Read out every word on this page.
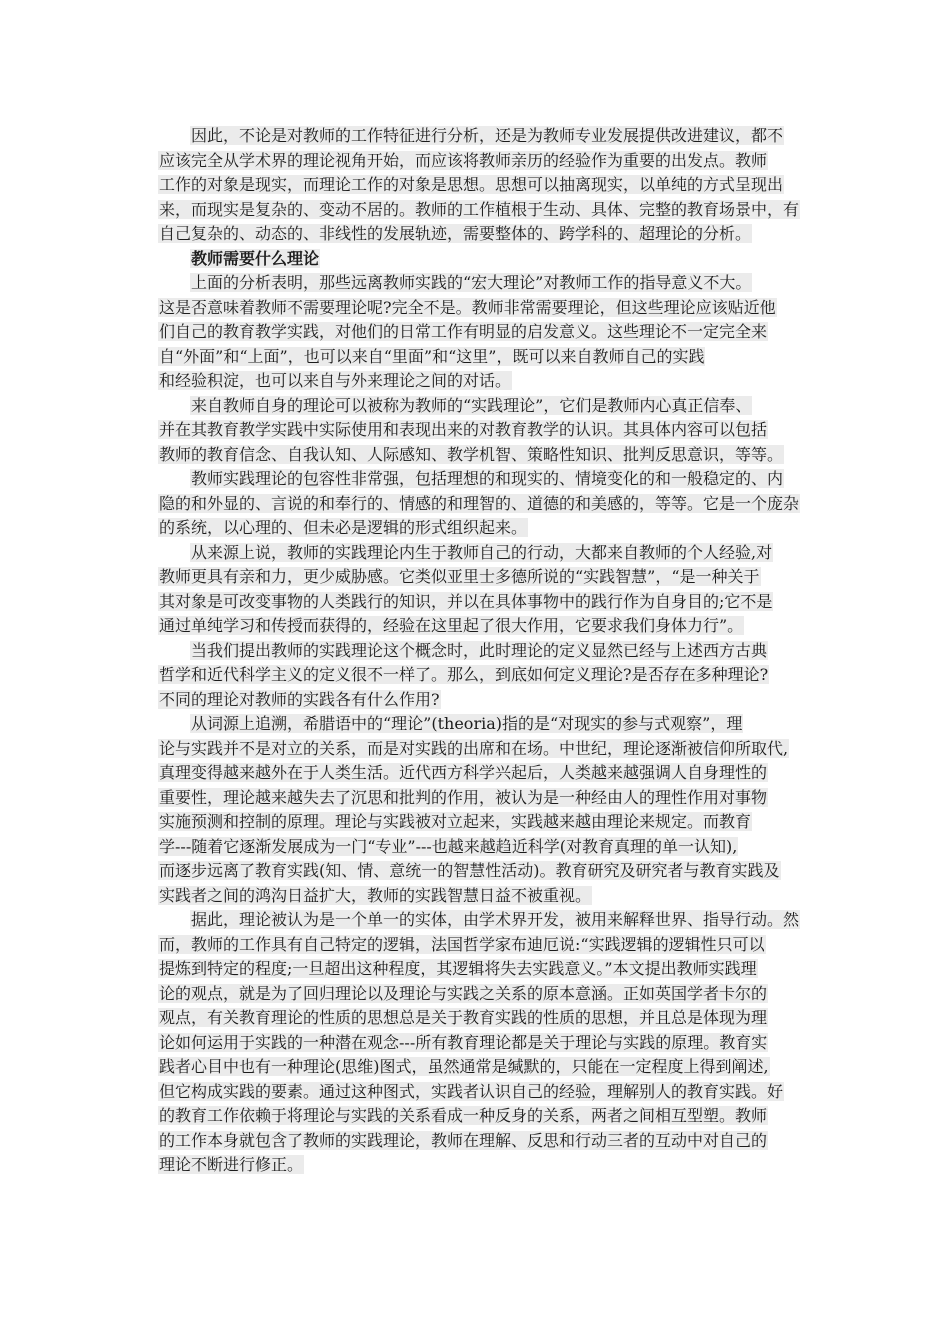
因此，不论是对教师的工作特征进行分析，还是为教师专业发展提供改进建议，都不
应该完全从学术界的理论视角开始，而应该将教师亲历的经验作为重要的出发点。教师
工作的对象是现实，而理论工作的对象是思想。思想可以抽离现实，以单纯的方式呈现出
来，而现实是复杂的、变动不居的。教师的工作植根于生动、具体、完整的教育场景中，有
自己复杂的、动态的、非线性的发展轨迹，需要整体的、跨学科的、超理论的分析。
教师需要什么理论
上面的分析表明，那些远离教师实践的“宏大理论”对教师工作的指导意义不大。
这是否意味着教师不需要理论呢?完全不是。教师非常需要理论，但这些理论应该贴近他
们自己的教育教学实践，对他们的日常工作有明显的启发意义。这些理论不一定完全来
自“外面”和“上面”，也可以来自“里面”和“这里”，既可以来自教师自己的实践
和经验积淀，也可以来自与外来理论之间的对话。
来自教师自身的理论可以被称为教师的“实践理论”，它们是教师内心真正信奉、
并在其教育教学实践中实际使用和表现出来的对教育教学的认识。其具体内容可以包括
教师的教育信念、自我认知、人际感知、教学机智、策略性知识、批判反思意识，等等。
教师实践理论的包容性非常强，包括理想的和现实的、情境变化的和一般稳定的、内
隐的和外显的、言说的和奉行的、情感的和理智的、道德的和美感的，等等。它是一个庞杂
的系统，以心理的、但未必是逻辑的形式组织起来。
从来源上说，教师的实践理论内生于教师自己的行动，大都来自教师的个人经验,对
教师更具有亲和力，更少威胁感。它类似亚里士多德所说的“实践智慧”，“是一种关于
其对象是可改变事物的人类践行的知识，并以在具体事物中的践行作为自身目的;它不是
通过单纯学习和传授而获得的，经验在这里起了很大作用，它要求我们身体力行”。
当我们提出教师的实践理论这个概念时，此时理论的定义显然已经与上述西方古典
哲学和近代科学主义的定义很不一样了。那么，到底如何定义理论?是否存在多种理论?
不同的理论对教师的实践各有什么作用?
从词源上追溯，希腊语中的“理论”(theoria)指的是“对现实的参与式观察”，理
论与实践并不是对立的关系，而是对实践的出席和在场。中世纪，理论逐渐被信仰所取代,
真理变得越来越外在于人类生活。近代西方科学兴起后，人类越来越强调人自身理性的
重要性，理论越来越失去了沉思和批判的作用，被认为是一种经由人的理性作用对事物
实施预测和控制的原理。理论与实践被对立起来，实践越来越由理论来规定。而教育
学---随着它逐渐发展成为一门“专业”---也越来越趋近科学(对教育真理的单一认知),
而逐步远离了教育实践(知、情、意统一的智慧性活动)。教育研究及研究者与教育实践及
实践者之间的鸿沟日益扩大，教师的实践智慧日益不被重视。
据此，理论被认为是一个单一的实体，由学术界开发，被用来解释世界、指导行动。然
而，教师的工作具有自己特定的逻辑，法国哲学家布迪厄说:“实践逻辑的逻辑性只可以
提炼到特定的程度;一旦超出这种程度，其逻辑将失去实践意义。”本文提出教师实践理
论的观点，就是为了回归理论以及理论与实践之关系的原本意涵。正如英国学者卡尔的
观点，有关教育理论的性质的思想总是关于教育实践的性质的思想，并且总是体现为理
论如何运用于实践的一种潜在观念---所有教育理论都是关于理论与实践的原理。教育实
践者心目中也有一种理论(思维)图式，虽然通常是缄默的，只能在一定程度上得到阐述,
但它构成实践的要素。通过这种图式，实践者认识自己的经验，理解别人的教育实践。好
的教育工作依赖于将理论与实践的关系看成一种反身的关系，两者之间相互型塑。教师
的工作本身就包含了教师的实践理论，教师在理解、反思和行动三者的互动中对自己的
理论不断进行修正。
